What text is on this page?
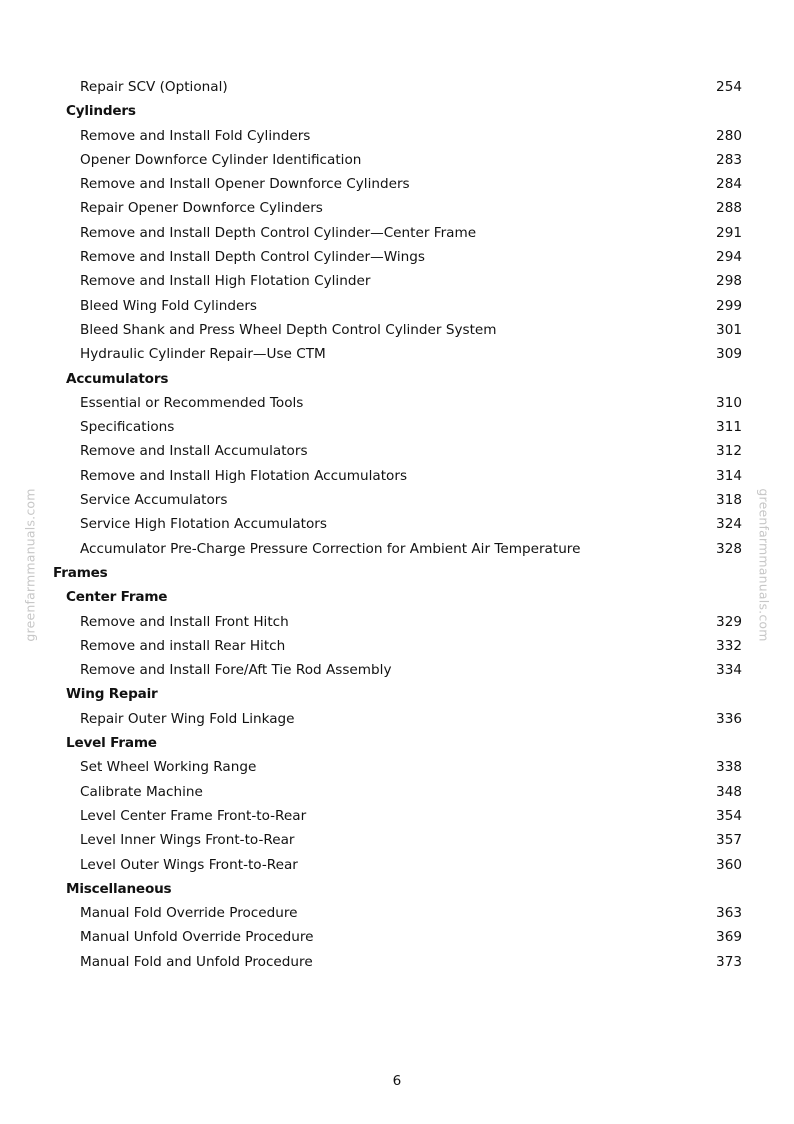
Repair SCV (Optional)	254
Cylinders
Remove and Install Fold Cylinders	280
Opener Downforce Cylinder Identification	283
Remove and Install Opener Downforce Cylinders	284
Repair Opener Downforce Cylinders	288
Remove and Install Depth Control Cylinder—Center Frame	291
Remove and Install Depth Control Cylinder—Wings	294
Remove and Install High Flotation Cylinder	298
Bleed Wing Fold Cylinders	299
Bleed Shank and Press Wheel Depth Control Cylinder System	301
Hydraulic Cylinder Repair—Use CTM	309
Accumulators
Essential or Recommended Tools	310
Specifications	311
Remove and Install Accumulators	312
Remove and Install High Flotation Accumulators	314
Service Accumulators	318
Service High Flotation Accumulators	324
Accumulator Pre-Charge Pressure Correction for Ambient Air Temperature	328
Frames
Center Frame
Remove and Install Front Hitch	329
Remove and install Rear Hitch	332
Remove and Install Fore/Aft Tie Rod Assembly	334
Wing Repair
Repair Outer Wing Fold Linkage	336
Level Frame
Set Wheel Working Range	338
Calibrate Machine	348
Level Center Frame Front-to-Rear	354
Level Inner Wings Front-to-Rear	357
Level Outer Wings Front-to-Rear	360
Miscellaneous
Manual Fold Override Procedure	363
Manual Unfold Override Procedure	369
Manual Fold and Unfold Procedure	373
greenfarmmanuals.com	greenfarmmanuals.com
6
